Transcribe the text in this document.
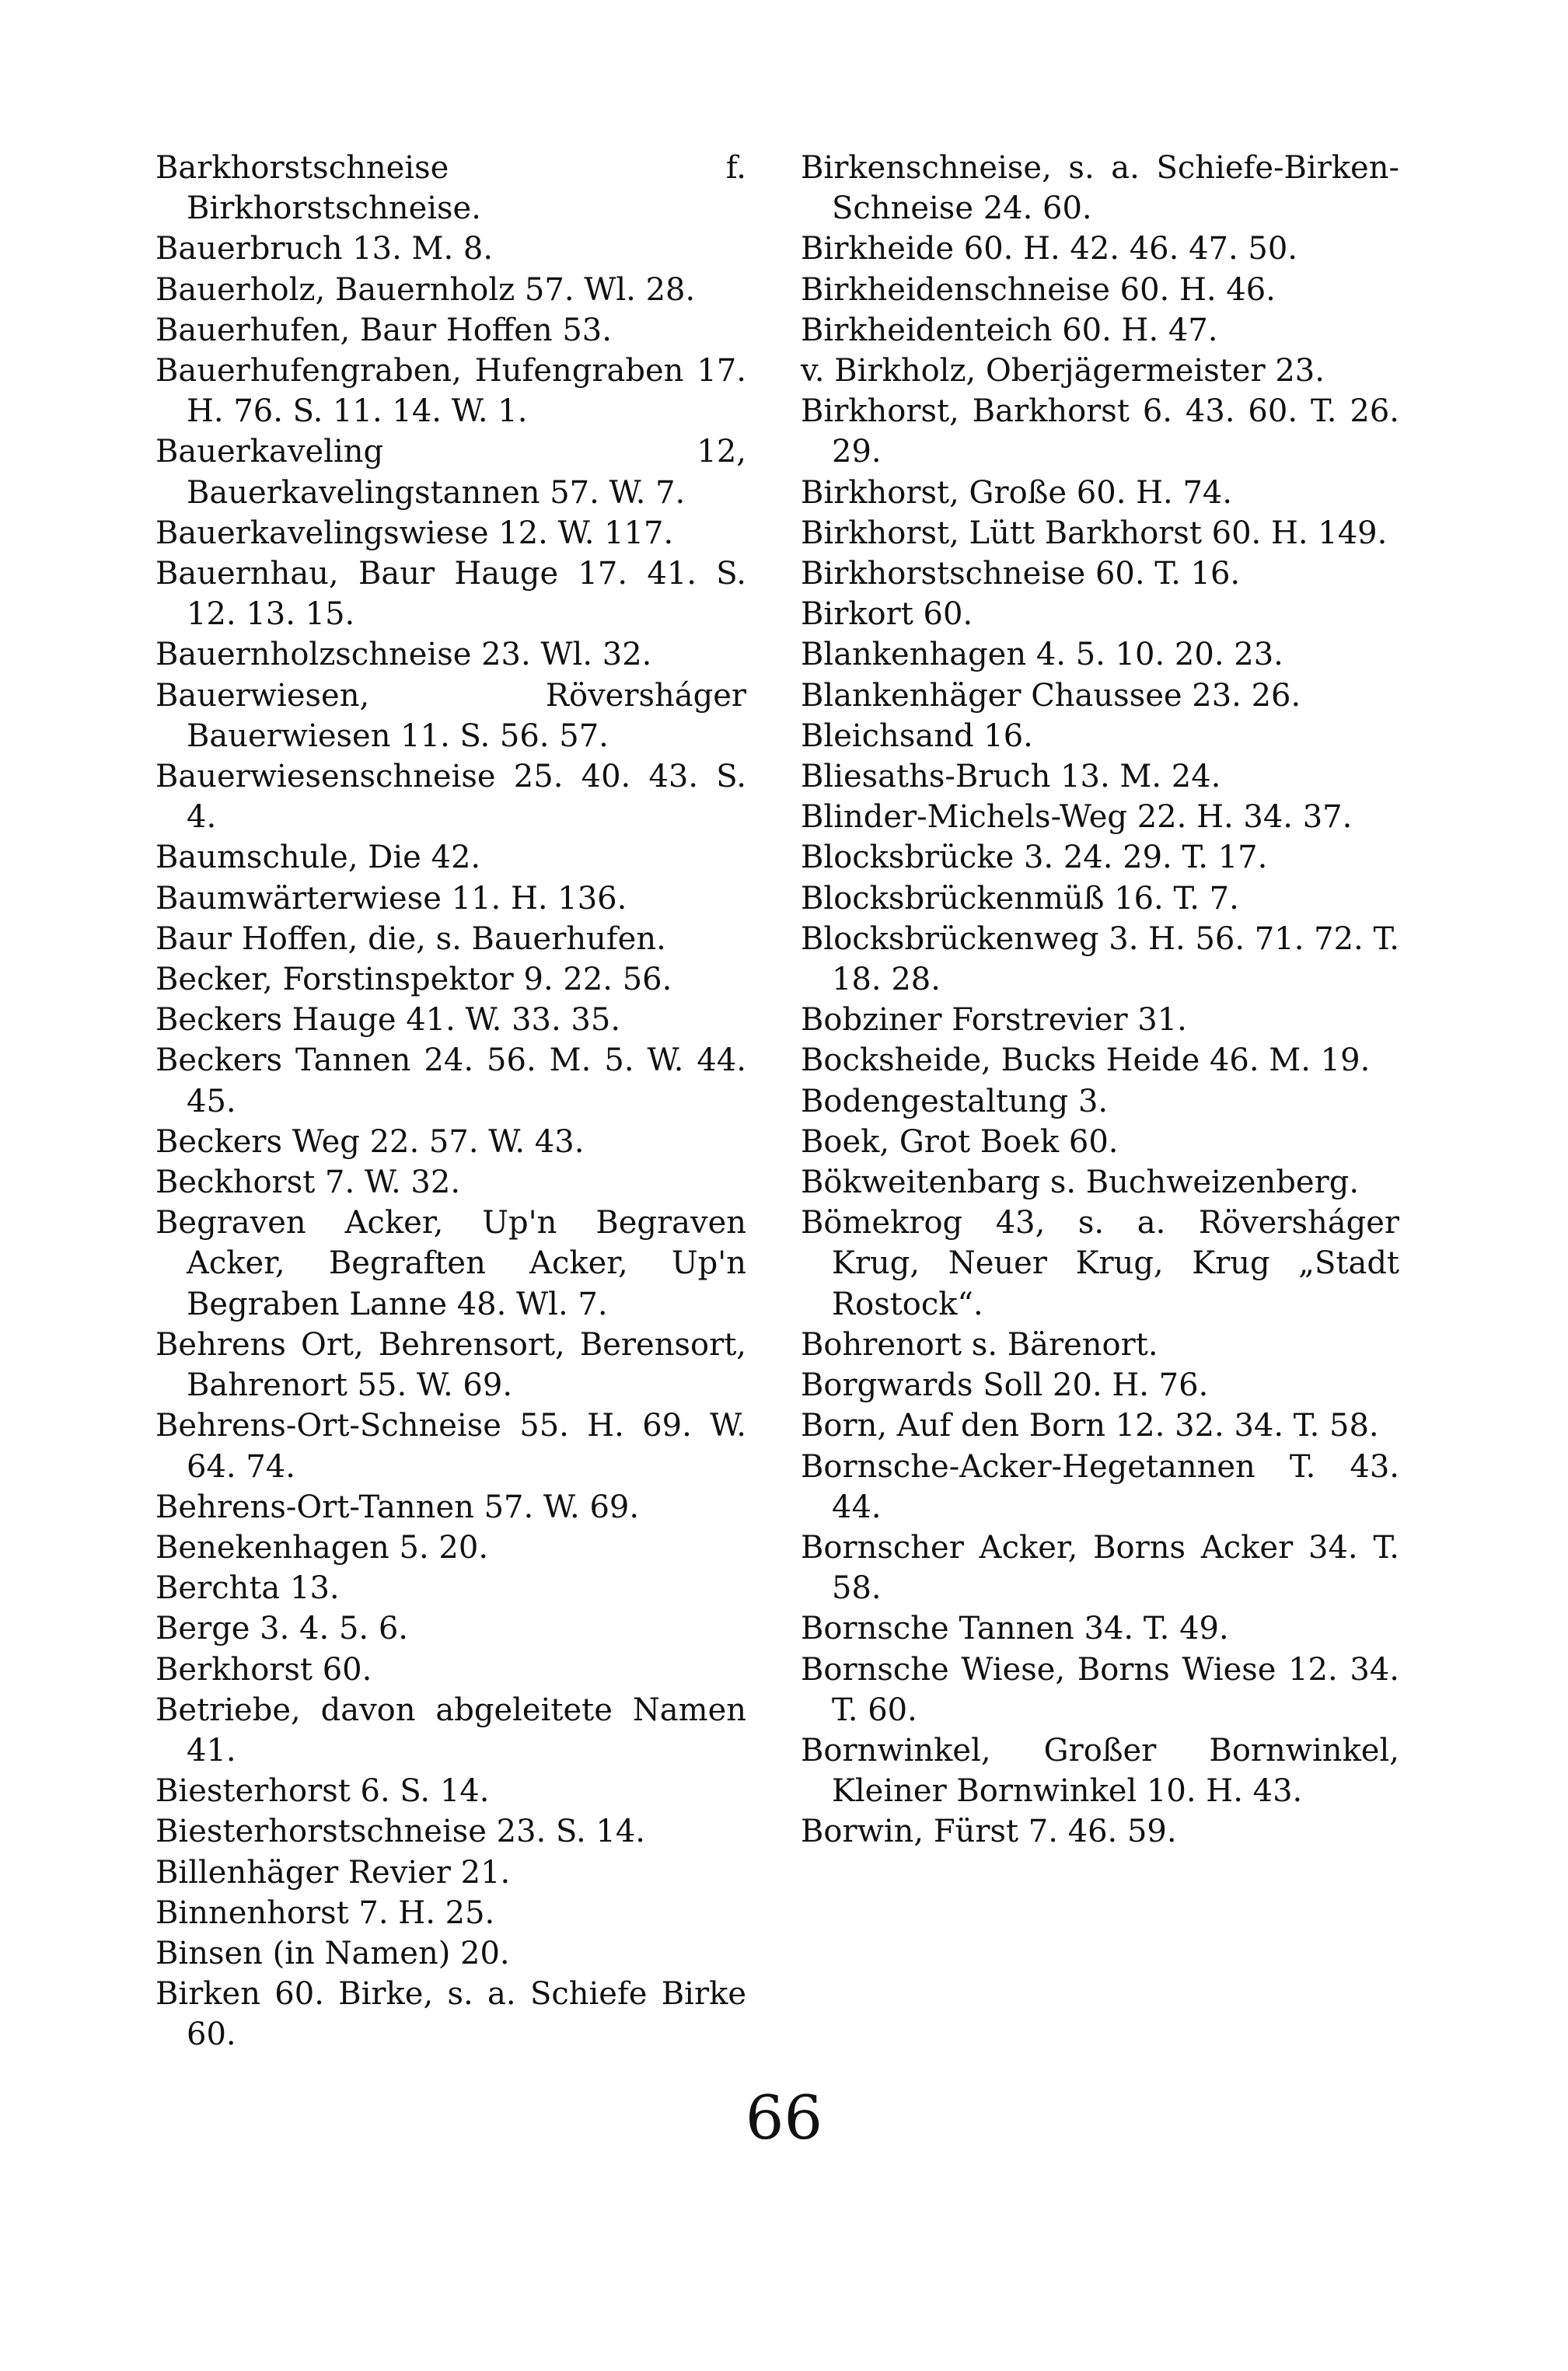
Barkhorstschneise f. Birkhorstschneise.

Bauerbruch 13. M. 8.

Bauerholz, Bauernholz 57. Wl. 28.

Bauerhufen, Baur Hoffen 53.

Bauerhufengraben, Hufengraben 17. H. 76. S. 11. 14. W. 1.

Bauerkaveling 12, Bauerkavelingstannen 57. W. 7.

Bauerkavelingswiese 12. W. 117.

Bauernhau, Baur Hauge 17. 41. S. 12. 13. 15.

Bauernholzschneise 23. Wl. 32.

Bauerwiesen, Röversháger Bauerwiesen 11. S. 56. 57.

Bauerwiesenschneise 25. 40. 43. S. 4.

Baumschule, Die 42.

Baumwärterwiese 11. H. 136.

Baur Hoffen, die, s. Bauerhufen.

Becker, Forstinspektor 9. 22. 56.

Beckers Hauge 41. W. 33. 35.

Beckers Tannen 24. 56. M. 5. W. 44. 45.

Beckers Weg 22. 57. W. 43.

Beckhorst 7. W. 32.

Begraven Acker, Up'n Begraven Acker, Begraften Acker, Up'n Begraben Lanne 48. Wl. 7.

Behrens Ort, Behrensort, Berensort, Bahrenort 55. W. 69.

Behrens-Ort-Schneise 55. H. 69. W. 64. 74.

Behrens-Ort-Tannen 57. W. 69.

Benekenhagen 5. 20.

Berchta 13.

Berge 3. 4. 5. 6.

Berkhorst 60.

Betriebe, davon abgeleitete Namen 41.

Biesterhorst 6. S. 14.

Biesterhorstschneise 23. S. 14.

Billenhäger Revier 21.

Binnenhorst 7. H. 25.

Binsen (in Namen) 20.

Birken 60. Birke, s. a. Schiefe Birke 60.

Birkenschneise, s. a. Schiefe-Birken-Schneise 24. 60.

Birkheide 60. H. 42. 46. 47. 50.

Birkheidenschneise 60. H. 46.

Birkheidenteich 60. H. 47.

v. Birkholz, Oberjägermeister 23.

Birkhorst, Barkhorst 6. 43. 60. T. 26. 29.

Birkhorst, Große 60. H. 74.

Birkhorst, Lütt Barkhorst 60. H. 149.

Birkhorstschneise 60. T. 16.

Birkort 60.

Blankenhagen 4. 5. 10. 20. 23.

Blankenhäger Chaussee 23. 26.

Bleichsand 16.

Bliesaths-Bruch 13. M. 24.

Blinder-Michels-Weg 22. H. 34. 37.

Blocksbrücke 3. 24. 29. T. 17.

Blocksbrückenmüß 16. T. 7.

Blocksbrückenweg 3. H. 56. 71. 72. T. 18. 28.

Bobziner Forstrevier 31.

Bocksheide, Bucks Heide 46. M. 19.

Bodengestaltung 3.

Boek, Grot Boek 60.

Bökweitenbarg s. Buchweizenberg.

Bömekrog 43, s. a. Röversháger Krug, Neuer Krug, Krug „Stadt Rostock“.

Bohrenort s. Bärenort.

Borgwards Soll 20. H. 76.

Born, Auf den Born 12. 32. 34. T. 58.

Bornsche-Acker-Hegetannen T. 43. 44.

Bornscher Acker, Borns Acker 34. T. 58.

Bornsche Tannen 34. T. 49.

Bornsche Wiese, Borns Wiese 12. 34. T. 60.

Bornwinkel, Großer Bornwinkel, Kleiner Bornwinkel 10. H. 43.

Borwin, Fürst 7. 46. 59.

66
